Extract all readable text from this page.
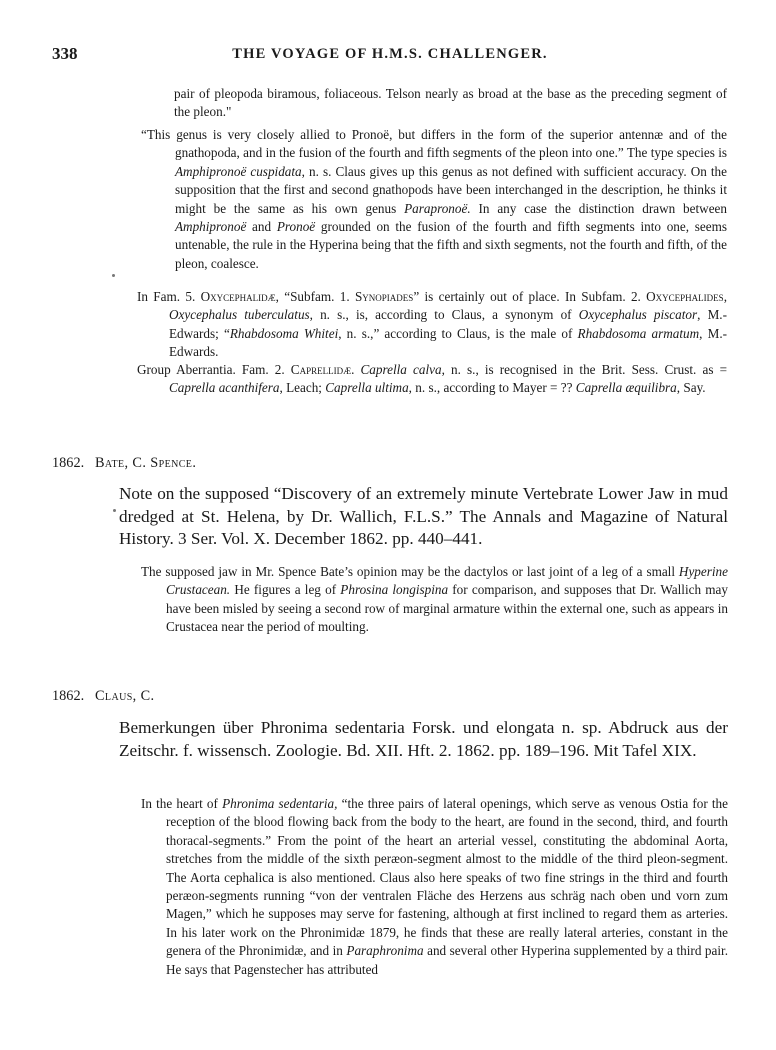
338	THE VOYAGE OF H.M.S. CHALLENGER.

pair of pleopoda biramous, foliaceous. Telson nearly as broad at the base as the preceding segment of the pleon."

“This genus is very closely allied to Pronoë, but differs in the form of the superior antennæ and of the gnathopoda, and in the fusion of the fourth and fifth segments of the pleon into one.” The type species is Amphipronoë cuspidata, n. s. Claus gives up this genus as not defined with sufficient accuracy. On the supposition that the first and second gnathopods have been interchanged in the description, he thinks it might be the same as his own genus Parapronoë. In any case the distinction drawn between Amphipronoë and Pronoë grounded on the fusion of the fourth and fifth segments into one, seems untenable, the rule in the Hyperina being that the fifth and sixth segments, not the fourth and fifth, of the pleon, coalesce.

In Fam. 5. Oxycephalidæ, “Subfam. 1. Synopiades” is certainly out of place. In Subfam. 2. Oxycephalides, Oxycephalus tuberculatus, n. s., is, according to Claus, a synonym of Oxycephalus piscator, M.-Edwards; “Rhabdosoma Whitei, n. s.,” according to Claus, is the male of Rhabdosoma armatum, M.-Edwards.

Group Aberrantia. Fam. 2. Caprellidæ. Caprella calva, n. s., is recognised in the Brit. Sess. Crust. as = Caprella acanthifera, Leach; Caprella ultima, n. s., according to Mayer = ?? Caprella æquilibra, Say.

1862. Bate, C. Spence.

Note on the supposed “Discovery of an extremely minute Vertebrate Lower Jaw in mud dredged at St. Helena, by Dr. Wallich, F.L.S.” The Annals and Magazine of Natural History. 3 Ser. Vol. X. December 1862. pp. 440–441.

The supposed jaw in Mr. Spence Bate’s opinion may be the dactylos or last joint of a leg of a small Hyperine Crustacean. He figures a leg of Phrosina longispina for comparison, and supposes that Dr. Wallich may have been misled by seeing a second row of marginal armature within the external one, such as appears in Crustacea near the period of moulting.

1862. Claus, C.

Bemerkungen über Phronima sedentaria Forsk. und elongata n. sp. Abdruck aus der Zeitschr. f. wissensch. Zoologie. Bd. XII. Hft. 2. 1862. pp. 189–196. Mit Tafel XIX.

In the heart of Phronima sedentaria, “the three pairs of lateral openings, which serve as venous Ostia for the reception of the blood flowing back from the body to the heart, are found in the second, third, and fourth thoracal-segments.” From the point of the heart an arterial vessel, constituting the abdominal Aorta, stretches from the middle of the sixth peræon-segment almost to the middle of the third pleon-segment. The Aorta cephalica is also mentioned. Claus also here speaks of two fine strings in the third and fourth peræon-segments running “von der ventralen Fläche des Herzens aus schräg nach oben und vorn zum Magen,” which he supposes may serve for fastening, although at first inclined to regard them as arteries. In his later work on the Phronimidæ 1879, he finds that these are really lateral arteries, constant in the genera of the Phronimidæ, and in Paraphronima and several other Hyperina supplemented by a third pair. He says that Pagenstecher has attributed
